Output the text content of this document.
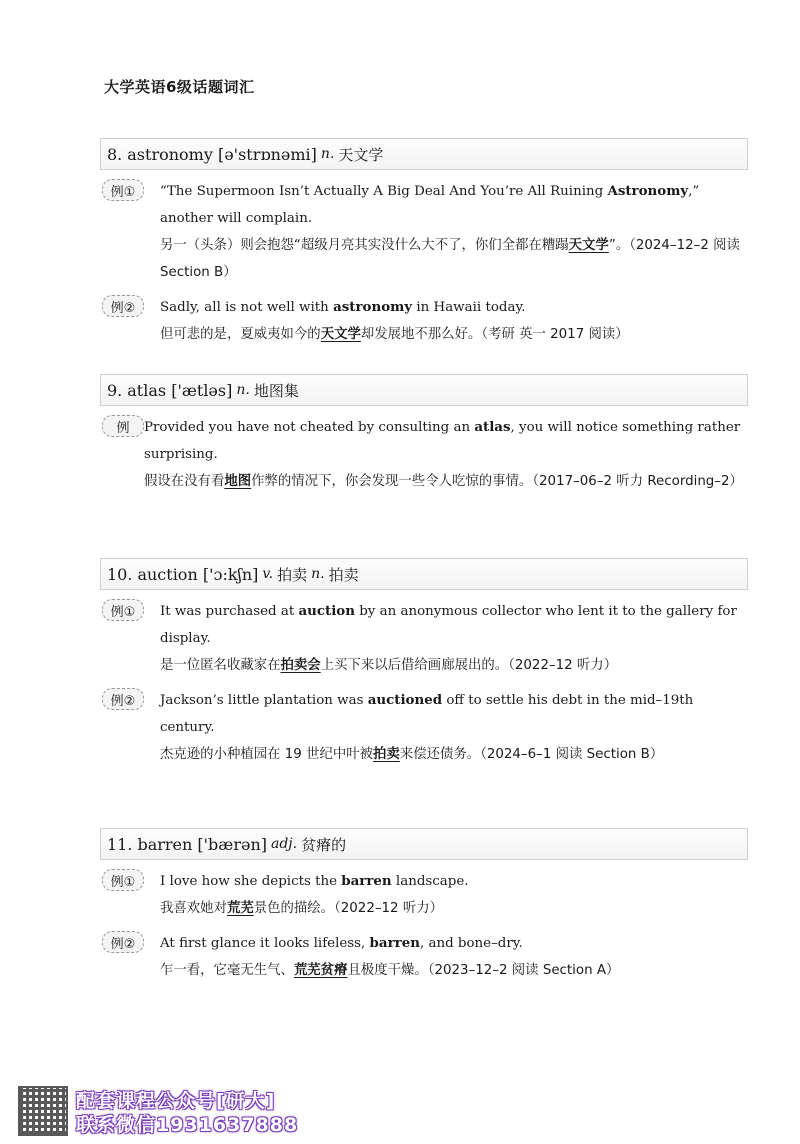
大学英语6级话题词汇
8. astronomy
[ə'strɒnəmi] n. 天文学
例①	“The Supermoon Isn’t Actually A Big Deal And You’re All Ruining Astronomy,” another will complain.
另一（头条）则会抱怨“超级月亮其实没什么大不了，你们全都在糟蹋天文学”。（2024–12–2 阅读 Section B）
例②	Sadly, all is not well with astronomy in Hawaii today.
但可悲的是，夏威夷如今的天文学却发展地不那么好。（考研 英一 2017 阅读）
9. atlas
['ætləs] n. 地图集
例	Provided you have not cheated by consulting an atlas, you will notice something rather surprising.
假设在没有看地图作弊的情况下，你会发现一些令人吃惊的事情。（2017–06–2 听力 Recording–2）
10. auction
['ɔ:kʃn] v. 拍卖 n. 拍卖
例①	It was purchased at auction by an anonymous collector who lent it to the gallery for display.
是一位匿名收藏家在拍卖会上买下来以后借给画廊展出的。（2022–12 听力）
例②	Jackson’s little plantation was auctioned off to settle his debt in the mid–19th century.
杰克逊的小种植园在 19 世纪中叶被拍卖来偿还债务。（2024–6–1 阅读 Section B）
11. barren
['bærən] adj. 贫瘠的
例①	I love how she depicts the barren landscape.
我喜欢她对荒芜景色的描绘。（2022–12 听力）
例②	At first glance it looks lifeless, barren, and bone–dry.
乍一看，它毫无生气、荒芜贫瘠且极度干燥。（2023–12–2 阅读 Section A）
配套课程公众号[研大]
联系微信1931637888
